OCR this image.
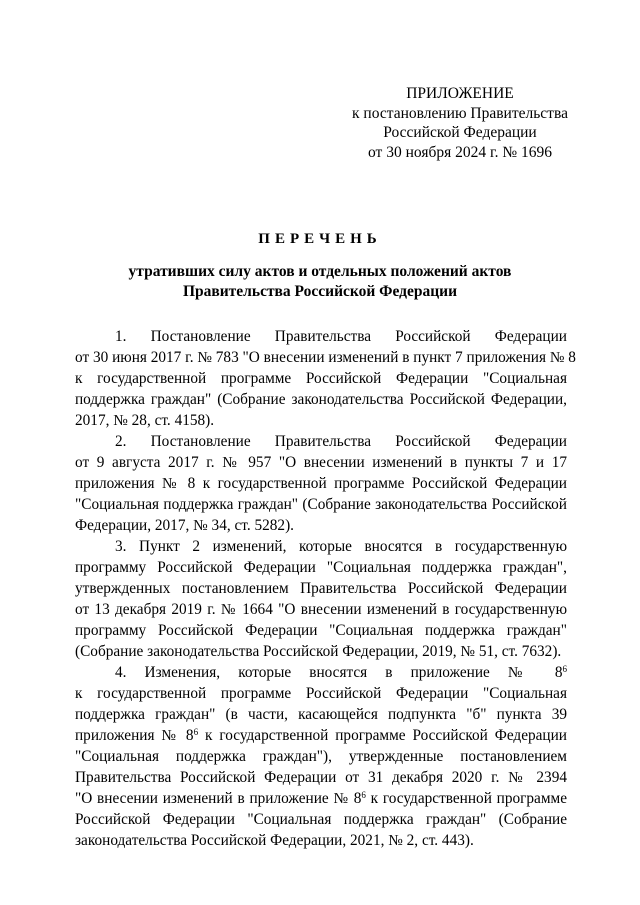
ПРИЛОЖЕНИЕ
к постановлению Правительства
Российской Федерации
от 30 ноября 2024 г. № 1696
ПЕРЕЧЕНЬ
утративших силу актов и отдельных положений актов
Правительства Российской Федерации
1. Постановление Правительства Российской Федерации
от 30 июня 2017 г. № 783 "О внесении изменений в пункт 7 приложения № 8
к государственной программе Российской Федерации "Социальная
поддержка граждан" (Собрание законодательства Российской Федерации,
2017, № 28, ст. 4158).
2. Постановление Правительства Российской Федерации
от 9 августа 2017 г. № 957 "О внесении изменений в пункты 7 и 17
приложения № 8 к государственной программе Российской Федерации
"Социальная поддержка граждан" (Собрание законодательства Российской
Федерации, 2017, № 34, ст. 5282).
3. Пункт 2 изменений, которые вносятся в государственную
программу Российской Федерации "Социальная поддержка граждан",
утвержденных постановлением Правительства Российской Федерации
от 13 декабря 2019 г. № 1664 "О внесении изменений в государственную
программу Российской Федерации "Социальная поддержка граждан"
(Собрание законодательства Российской Федерации, 2019, № 51, ст. 7632).
4. Изменения, которые вносятся в приложение № $8^6$
к государственной программе Российской Федерации "Социальная
поддержка граждан" (в части, касающейся подпункта "б" пункта 39
приложения № $8^6$ к государственной программе Российской Федерации
"Социальная поддержка граждан"), утвержденные постановлением
Правительства Российской Федерации от 31 декабря 2020 г. № 2394
"О внесении изменений в приложение № $8^6$ к государственной программе
Российской Федерации "Социальная поддержка граждан" (Собрание
законодательства Российской Федерации, 2021, № 2, ст. 443).
